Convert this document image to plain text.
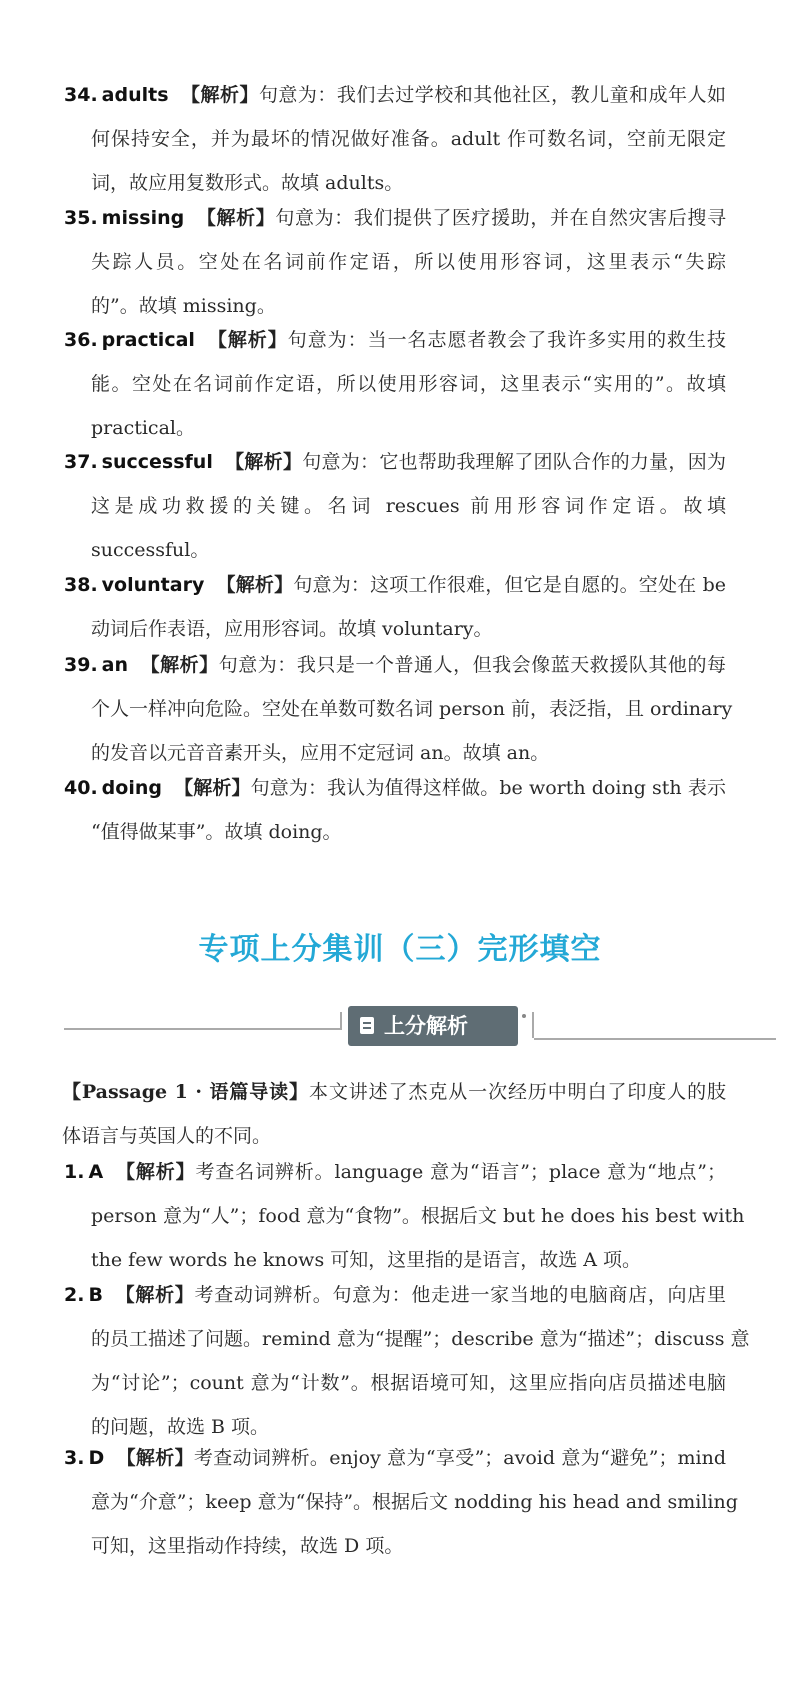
34. adults 【解析】句意为：我们去过学校和其他社区，教儿童和成年人如
何保持安全，并为最坏的情况做好准备。adult 作可数名词，空前无限定
词，故应用复数形式。故填 adults。
35. missing 【解析】句意为：我们提供了医疗援助，并在自然灾害后搜寻
失踪人员。空处在名词前作定语，所以使用形容词，这里表示“失踪
的”。故填 missing。
36. practical 【解析】句意为：当一名志愿者教会了我许多实用的救生技
能。空处在名词前作定语，所以使用形容词，这里表示“实用的”。故填
practical。
37. successful 【解析】句意为：它也帮助我理解了团队合作的力量，因为
这是成功救援的关键。名词 rescues 前用形容词作定语。故填
successful。
38. voluntary 【解析】句意为：这项工作很难，但它是自愿的。空处在 be
动词后作表语，应用形容词。故填 voluntary。
39. an 【解析】句意为：我只是一个普通人，但我会像蓝天救援队其他的每
个人一样冲向危险。空处在单数可数名词 person 前，表泛指，且 ordinary
的发音以元音音素开头，应用不定冠词 an。故填 an。
40. doing 【解析】句意为：我认为值得这样做。be worth doing sth 表示
“值得做某事”。故填 doing。
专项上分集训（三）完形填空
上分解析
【Passage 1 · 语篇导读】本文讲述了杰克从一次经历中明白了印度人的肢
体语言与英国人的不同。
1. A 【解析】考查名词辨析。language 意为“语言”；place 意为“地点”；
person 意为“人”；food 意为“食物”。根据后文 but he does his best with
the few words he knows 可知，这里指的是语言，故选 A 项。
2. B 【解析】考查动词辨析。句意为：他走进一家当地的电脑商店，向店里
的员工描述了问题。remind 意为“提醒”；describe 意为“描述”；discuss 意
为“讨论”；count 意为“计数”。根据语境可知，这里应指向店员描述电脑
的问题，故选 B 项。
3. D 【解析】考查动词辨析。enjoy 意为“享受”；avoid 意为“避免”；mind
意为“介意”；keep 意为“保持”。根据后文 nodding his head and smiling
可知，这里指动作持续，故选 D 项。
